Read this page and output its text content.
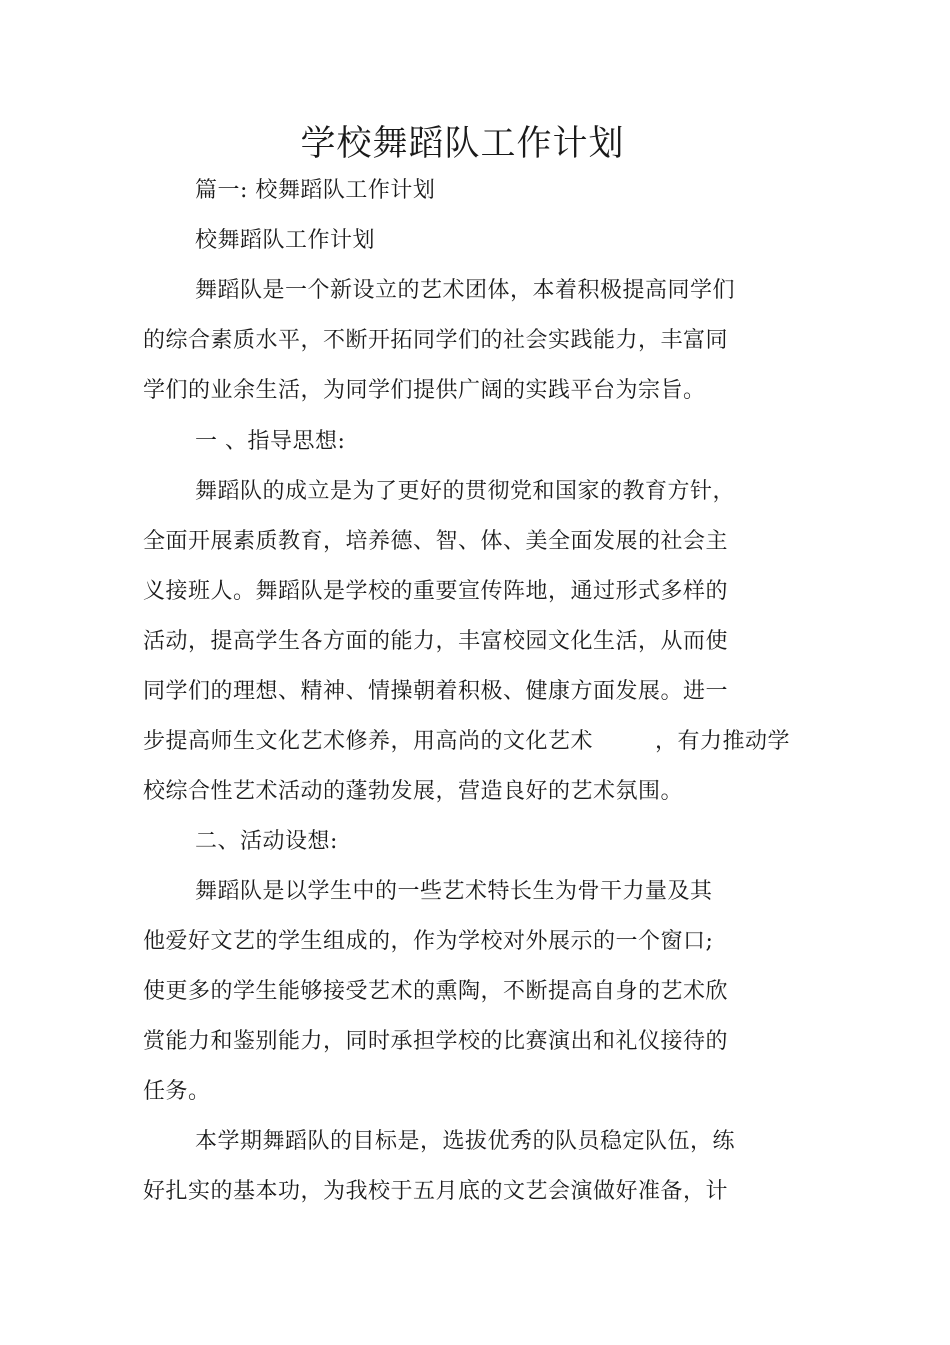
学校舞蹈队工作计划
篇一: 校舞蹈队工作计划
校舞蹈队工作计划
舞蹈队是一个新设立的艺术团体，本着积极提高同学们
的综合素质水平，不断开拓同学们的社会实践能力，丰富同
学们的业余生活，为同学们提供广阔的实践平台为宗旨。
一 、指导思想:
舞蹈队的成立是为了更好的贯彻党和国家的教育方针，
全面开展素质教育，培养德、智、体、美全面发展的社会主
义接班人。舞蹈队是学校的重要宣传阵地，通过形式多样的
活动，提高学生各方面的能力，丰富校园文化生活，从而使
同学们的理想、精神、情操朝着积极、健康方面发展。进一
步提高师生文化艺术修养，用高尚的文化艺术	，有力推动学
校综合性艺术活动的蓬勃发展，营造良好的艺术氛围。
二、活动设想:
舞蹈队是以学生中的一些艺术特长生为骨干力量及其
他爱好文艺的学生组成的，作为学校对外展示的一个窗口;
使更多的学生能够接受艺术的熏陶，不断提高自身的艺术欣
赏能力和鉴别能力，同时承担学校的比赛演出和礼仪接待的
任务。
本学期舞蹈队的目标是，选拔优秀的队员稳定队伍，练
好扎实的基本功，为我校于五月底的文艺会演做好准备，计
